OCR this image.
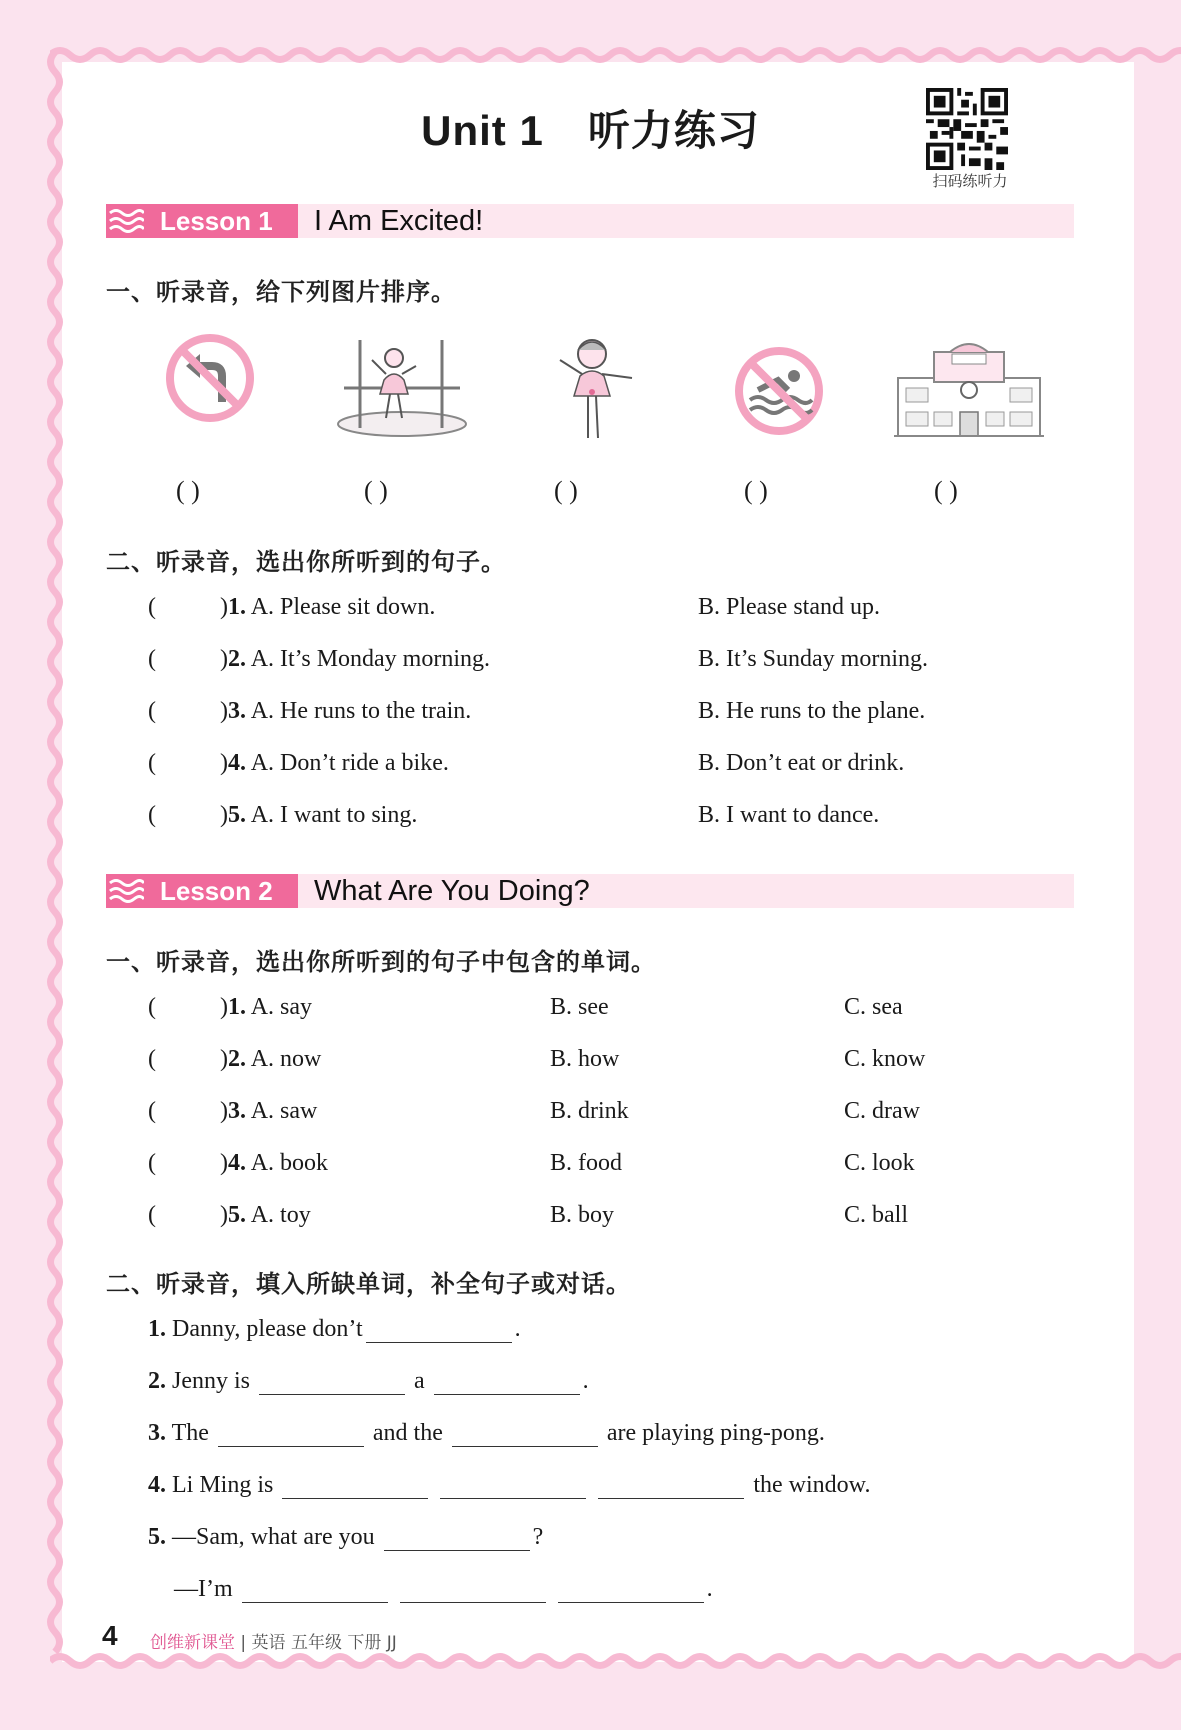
Unit 1 听力练习
扫码练听力
Lesson 1 I Am Excited!
一、听录音，给下列图片排序。
( )	( )	( )	( )	( )
二、听录音，选出你所听到的句子。
(	)1. A. Please sit down.	B. Please stand up.
(	)2. A. It’s Monday morning.	B. It’s Sunday morning.
(	)3. A. He runs to the train.	B. He runs to the plane.
(	)4. A. Don’t ride a bike.	B. Don’t eat or drink.
(	)5. A. I want to sing.	B. I want to dance.
Lesson 2 What Are You Doing?
一、听录音，选出你所听到的句子中包含的单词。
(	)1. A. say	B. see	C. sea
(	)2. A. now	B. how	C. know
(	)3. A. saw	B. drink	C. draw
(	)4. A. book	B. food	C. look
(	)5. A. toy	B. boy	C. ball
二、听录音，填入所缺单词，补全句子或对话。
1. Danny, please don’t	.
2. Jenny is	a	.
3. The	and the	are playing ping-pong.
4. Li Ming is	the window.
5. —Sam, what are you	?
—I’m	.
4 创维新课堂 | 英语 五年级 下册 JJ
